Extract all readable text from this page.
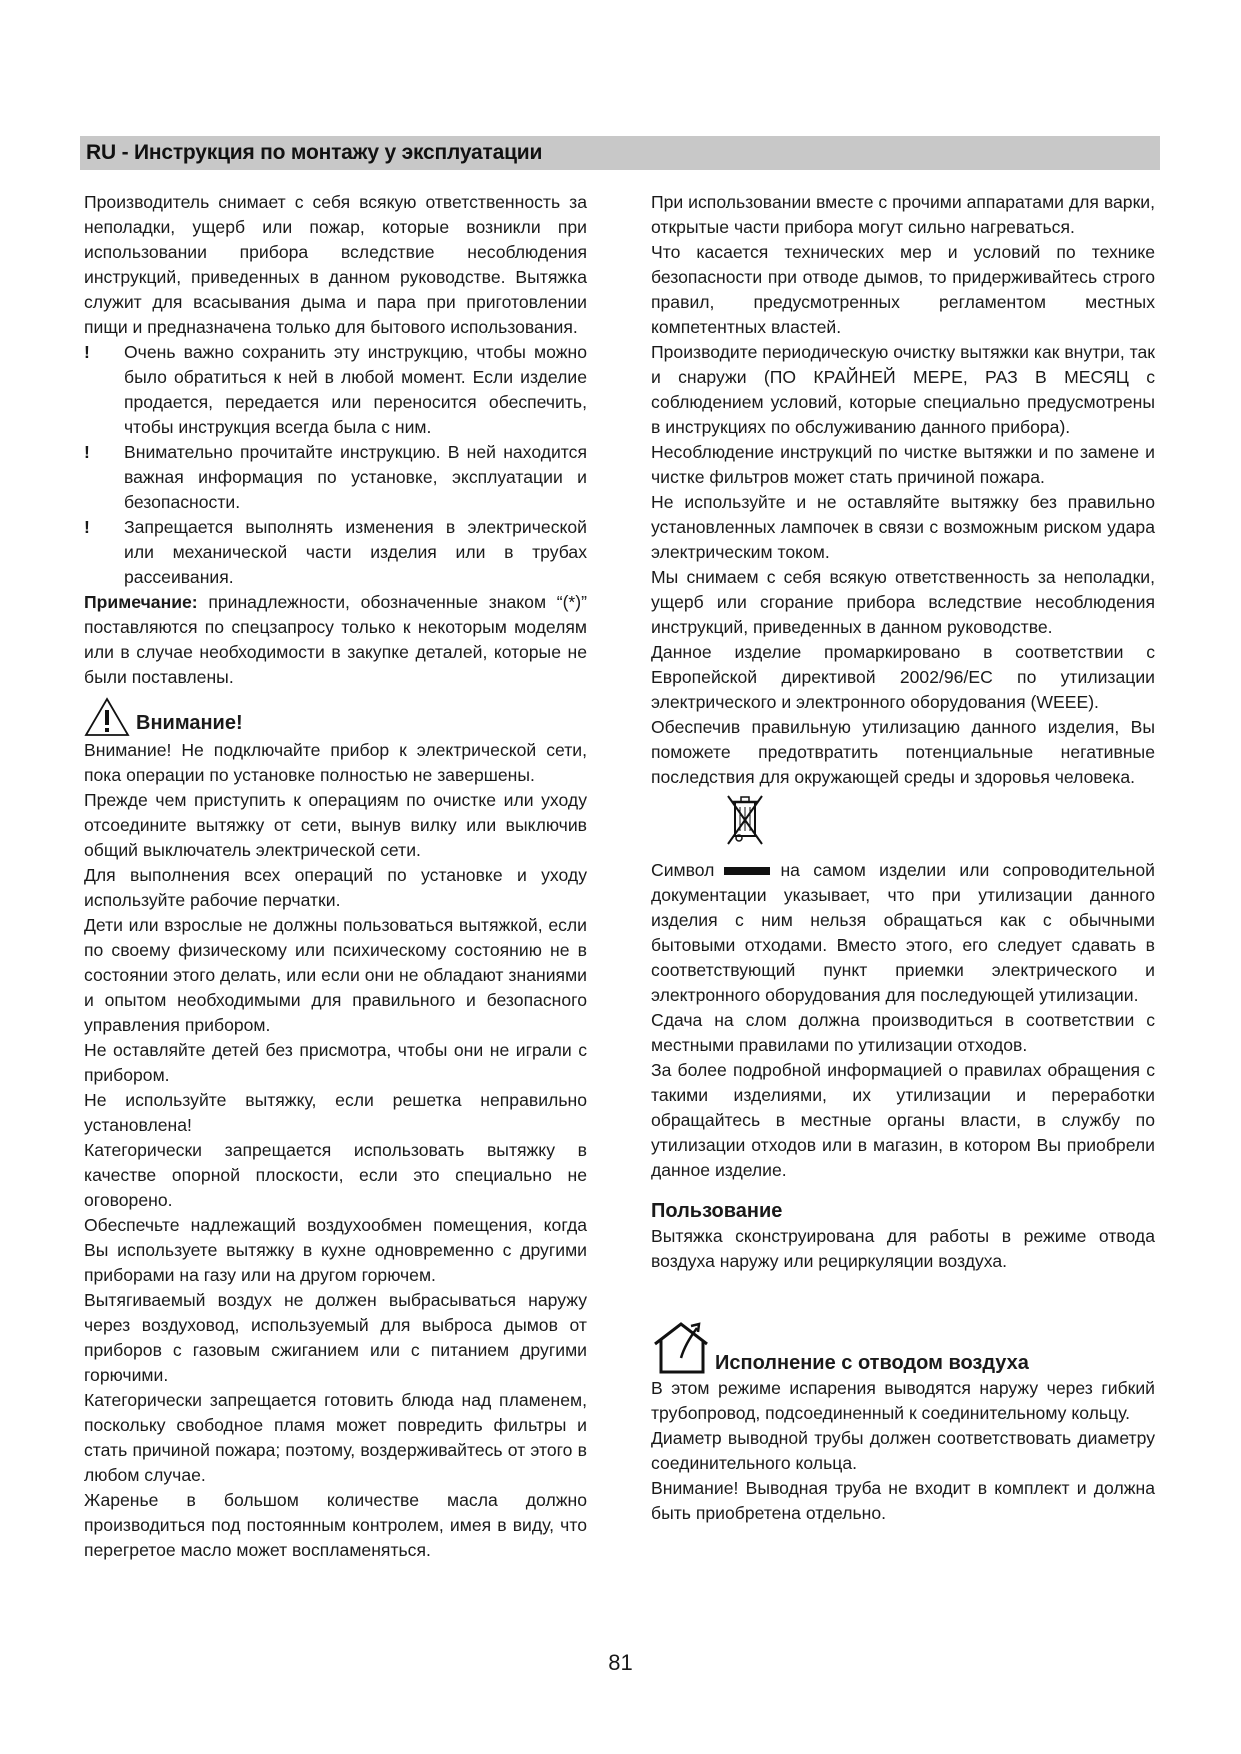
RU - Инструкция по монтажу у эксплуатации

Производитель снимает с себя всякую ответственность за неполадки, ущерб или пожар, которые возникли при использовании прибора вследствие несоблюдения инструкций, приведенных в данном руководстве. Вытяжка служит для всасывания дыма и пара при приготовлении пищи и предназначена только для бытового использования.

! Очень важно сохранить эту инструкцию, чтобы можно было обратиться к ней в любой момент. Если изделие продается, передается или переносится обеспечить, чтобы инструкция всегда была с ним.

! Внимательно прочитайте инструкцию. В ней находится важная информация по установке, эксплуатации и безопасности.

! Запрещается выполнять изменения в электрической или механической части изделия или в трубах рассеивания.

Примечание: принадлежности, обозначенные знаком “(*)” поставляются по спецзапросу только к некоторым моделям или в случае необходимости в закупке деталей, которые не были поставлены.

Внимание!

Внимание! Не подключайте прибор к электрической сети, пока операции по установке полностью не завершены.

Прежде чем приступить к операциям по очистке или уходу отсоедините вытяжку от сети, вынув вилку или выключив общий выключатель электрической сети.

Для выполнения всех операций по установке и уходу используйте рабочие перчатки.

Дети или взрослые не должны пользоваться вытяжкой, если по своему физическому или психическому состоянию не в состоянии этого делать, или если они не обладают знаниями и опытом необходимыми для правильного и безопасного управления прибором.

Не оставляйте детей без присмотра, чтобы они не играли с прибором.

Не используйте вытяжку, если решетка неправильно установлена!

Категорически запрещается использовать вытяжку в качестве опорной плоскости, если это специально не оговорено.

Обеспечьте надлежащий воздухообмен помещения, когда Вы используете вытяжку в кухне одновременно с другими приборами на газу или на другом горючем.

Вытягиваемый воздух не должен выбрасываться наружу через воздуховод, используемый для выброса дымов от приборов с газовым сжиганием или с питанием другими горючими.

Категорически запрещается готовить блюда над пламенем, поскольку свободное пламя может повредить фильтры и стать причиной пожара; поэтому, воздерживайтесь от этого в любом случае.

Жаренье в большом количестве масла должно производиться под постоянным контролем, имея в виду, что перегретое масло может воспламеняться.

При использовании вместе с прочими аппаратами для варки, открытые части прибора могут сильно нагреваться.

Что касается технических мер и условий по технике безопасности при отводе дымов, то придерживайтесь строго правил, предусмотренных регламентом местных компетентных властей.

Производите периодическую очистку вытяжки как внутри, так и снаружи (ПО КРАЙНЕЙ МЕРЕ, РАЗ В МЕСЯЦ с соблюдением условий, которые специально предусмотрены в инструкциях по обслуживанию данного прибора).

Несоблюдение инструкций по чистке вытяжки и по замене и чистке фильтров может стать причиной пожара.

Не используйте и не оставляйте вытяжку без правильно установленных лампочек в связи с возможным риском удара электрическим током.

Мы снимаем с себя всякую ответственность за неполадки, ущерб или сгорание прибора вследствие несоблюдения инструкций, приведенных в данном руководстве.

Данное изделие промаркировано в соответствии с Европейской директивой 2002/96/EC по утилизации электрического и электронного оборудования (WEEE).

Обеспечив правильную утилизацию данного изделия, Вы поможете предотвратить потенциальные негативные последствия для окружающей среды и здоровья человека.

Символ	на самом изделии или сопроводительной документации указывает, что при утилизации данного изделия с ним нельзя обращаться как с обычными бытовыми отходами. Вместо этого, его следует сдавать в соответствующий пункт приемки электрического и электронного оборудования для последующей утилизации.

Сдача на слом должна производиться в соответствии с местными правилами по утилизации отходов.

За более подробной информацией о правилах обращения с такими изделиями, их утилизации и переработки обращайтесь в местные органы власти, в службу по утилизации отходов или в магазин, в котором Вы приобрели данное изделие.

Пользование

Вытяжка сконструирована для работы в режиме отвода воздуха наружу или рециркуляции воздуха.

Исполнение с отводом воздуха

В этом режиме испарения выводятся наружу через гибкий трубопровод, подсоединенный к соединительному кольцу.

Диаметр выводной трубы должен соответствовать диаметру соединительного кольца.

Внимание! Выводная труба не входит в комплект и должна быть приобретена отдельно.

81
